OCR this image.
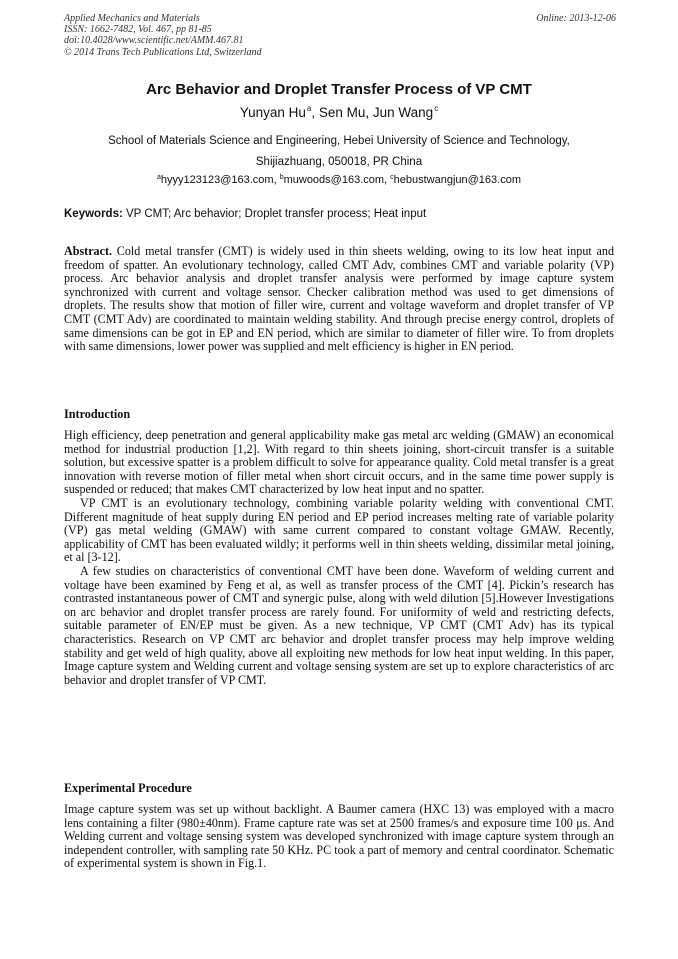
Applied Mechanics and Materials
ISSN: 1662-7482, Vol. 467, pp 81-85
doi:10.4028/www.scientific.net/AMM.467.81
© 2014 Trans Tech Publications Ltd, Switzerland
Online: 2013-12-06
Arc Behavior and Droplet Transfer Process of VP CMT
Yunyan Hu$^a$, Sen Mu, Jun Wang$^c$
School of Materials Science and Engineering, Hebei University of Science and Technology,
Shijiazhuang, 050018, PR China
$^a$hyyy123123@163.com, $^b$muwoods@163.com, $^c$hebustwangjun@163.com
Keywords: VP CMT; Arc behavior; Droplet transfer process; Heat input

Abstract. Cold metal transfer (CMT) is widely used in thin sheets welding, owing to its low heat input and freedom of spatter. An evolutionary technology, called CMT Adv, combines CMT and variable polarity (VP) process. Arc behavior analysis and droplet transfer analysis were performed by image capture system synchronized with current and voltage sensor. Checker calibration method was used to get dimensions of droplets. The results show that motion of filler wire, current and voltage waveform and droplet transfer of VP CMT (CMT Adv) are coordinated to maintain welding stability. And through precise energy control, droplets of same dimensions can be got in EP and EN period, which are similar to diameter of filler wire. To from droplets with same dimensions, lower power was supplied and melt efficiency is higher in EN period.

Introduction

High efficiency, deep penetration and general applicability make gas metal arc welding (GMAW) an economical method for industrial production [1,2]. With regard to thin sheets joining, short-circuit transfer is a suitable solution, but excessive spatter is a problem difficult to solve for appearance quality. Cold metal transfer is a great innovation with reverse motion of filler metal when short circuit occurs, and in the same time power supply is suspended or reduced; that makes CMT characterized by low heat input and no spatter.

VP CMT is an evolutionary technology, combining variable polarity welding with conventional CMT. Different magnitude of heat supply during EN period and EP period increases melting rate of variable polarity (VP) gas metal welding (GMAW) with same current compared to constant voltage GMAW. Recently, applicability of CMT has been evaluated wildly; it performs well in thin sheets welding, dissimilar metal joining, et al [3-12].

A few studies on characteristics of conventional CMT have been done. Waveform of welding current and voltage have been examined by Feng et al, as well as transfer process of the CMT [4]. Pickin’s research has contrasted instantaneous power of CMT and synergic pulse, along with weld dilution [5].However Investigations on arc behavior and droplet transfer process are rarely found. For uniformity of weld and restricting defects, suitable parameter of EN/EP must be given. As a new technique, VP CMT (CMT Adv) has its typical characteristics. Research on VP CMT arc behavior and droplet transfer process may help improve welding stability and get weld of high quality, above all exploiting new methods for low heat input welding. In this paper, Image capture system and Welding current and voltage sensing system are set up to explore characteristics of arc behavior and droplet transfer of VP CMT.

Experimental Procedure

Image capture system was set up without backlight. A Baumer camera (HXC 13) was employed with a macro lens containing a filter (980±40nm). Frame capture rate was set at 2500 frames/s and exposure time 100 μs. And Welding current and voltage sensing system was developed synchronized with image capture system through an independent controller, with sampling rate 50 KHz. PC took a part of memory and central coordinator. Schematic of experimental system is shown in Fig.1.
